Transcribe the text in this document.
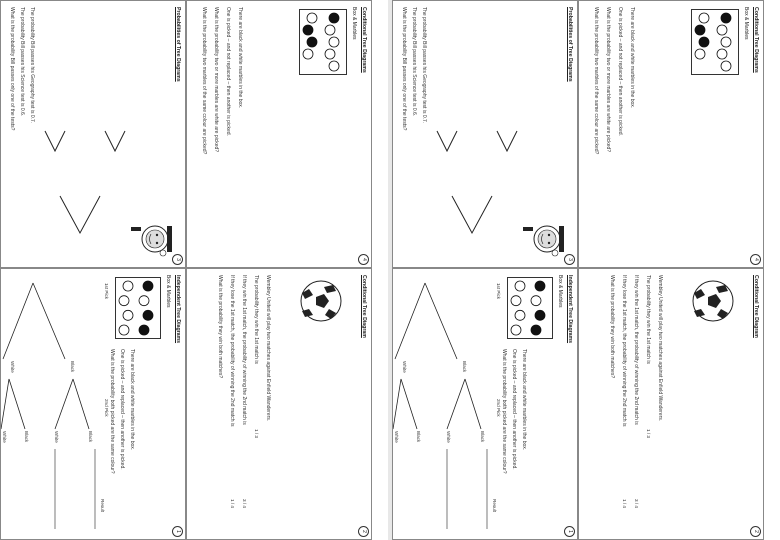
Probabilities of Tree Diagrams
3
The probability Bill passes his Geography test is 0.7.
The probability Bill passes his Science test is 0.6.
What is the probability Bill passes only one of the tests?	Conditional Tree Diagrams
Box & Marbles
4
There are black and white marbles in the box.
One is picked – and not replaced – then another is picked.
What is the probability two or more marbles are white are picked?
What is the probability two marbles of the same colour are picked?
Independent Tree Diagrams
Box & Marbles
1
1st Pick
2nd Pick
Result
Black
White
Black
White
Black
White	There are black and white marbles in the box.
One is picked – and replaced – then another is picked.
What is the probability both picked are the same colour?
Conditional Tree Diagram
2
Wembley United will play two matches against Enfield Wanderers.
The probability they win the 1st match is
If they win the 1st match, the probability of winning the 2nd match is
If they lose the 1st match, the probability of winning the 2nd match is
What is the probability they win both matches?
1 / 3
3 / 4
1 / 4
Probabilities of Tree Diagrams
3
The probability Bill passes his Geography test is 0.7.
The probability Bill passes his Science test is 0.6.
What is the probability Bill passes only one of the tests?	Conditional Tree Diagrams
Box & Marbles
4
There are black and white marbles in the box.
One is picked – and not replaced – then another is picked.
What is the probability two or more marbles are white are picked?
What is the probability two marbles of the same colour are picked?
Independent Tree Diagrams
Box & Marbles
1
1st Pick
2nd Pick
Result
Black
White
Black
White
Black
White	There are black and white marbles in the box.
One is picked – and replaced – then another is picked.
What is the probability both picked are the same colour?
Conditional Tree Diagram
2
Wembley United will play two matches against Enfield Wanderers.
The probability they win the 1st match is
If they win the 1st match, the probability of winning the 2nd match is
If they lose the 1st match, the probability of winning the 2nd match is
What is the probability they win both matches?
1 / 3
3 / 4
1 / 4
